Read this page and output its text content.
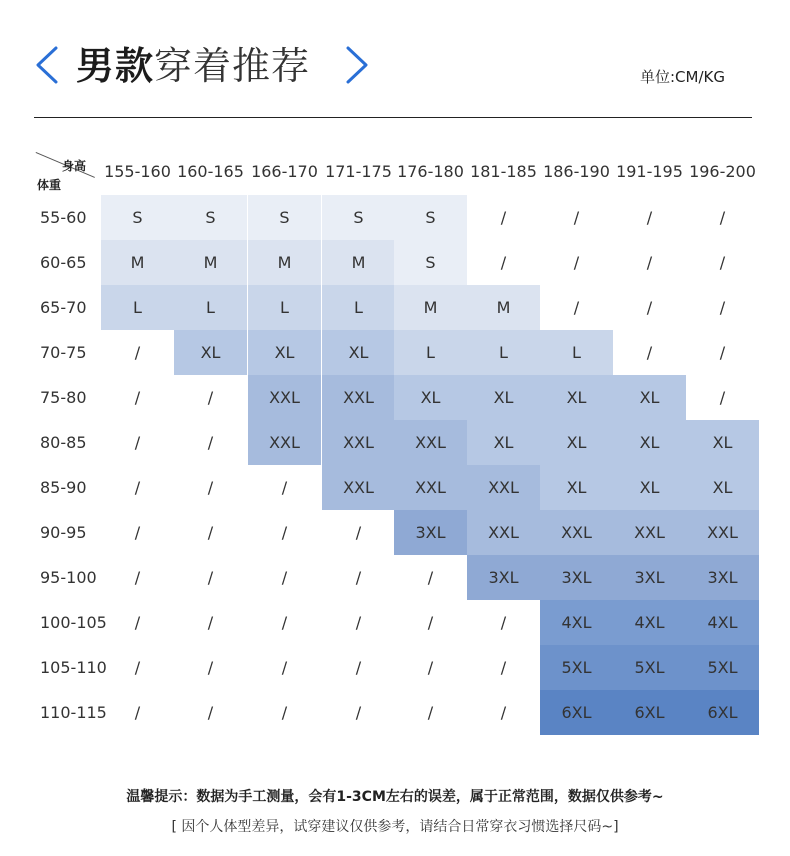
男款穿着推荐	单位:CM/KG
身高
体重
155-160 160-165 166-170 171-175 176-180 181-185 186-190 191-195 196-200
55-60	S	S	S	S	S	/	/	/	/
60-65	M	M	M	M	S	/	/	/	/
65-70	L	L	L	L	M	M	/	/	/
70-75	/	XL	XL	XL	L	L	L	/	/
75-80	/	/	XXL	XXL	XL	XL	XL	XL	/
80-85	/	/	XXL	XXL	XXL	XL	XL	XL	XL
85-90	/	/	/	XXL	XXL	XXL	XL	XL	XL
90-95	/	/	/	/	3XL	XXL	XXL	XXL	XXL
95-100	/	/	/	/	/	3XL	3XL	3XL	3XL
100-105	/	/	/	/	/	/	4XL	4XL	4XL
105-110	/	/	/	/	/	/	5XL	5XL	5XL
110-115	/	/	/	/	/	/	6XL	6XL	6XL
温馨提示：数据为手工测量，会有1-3CM左右的误差，属于正常范围，数据仅供参考~
[ 因个人体型差异，试穿建议仅供参考，请结合日常穿衣习惯选择尺码~]
